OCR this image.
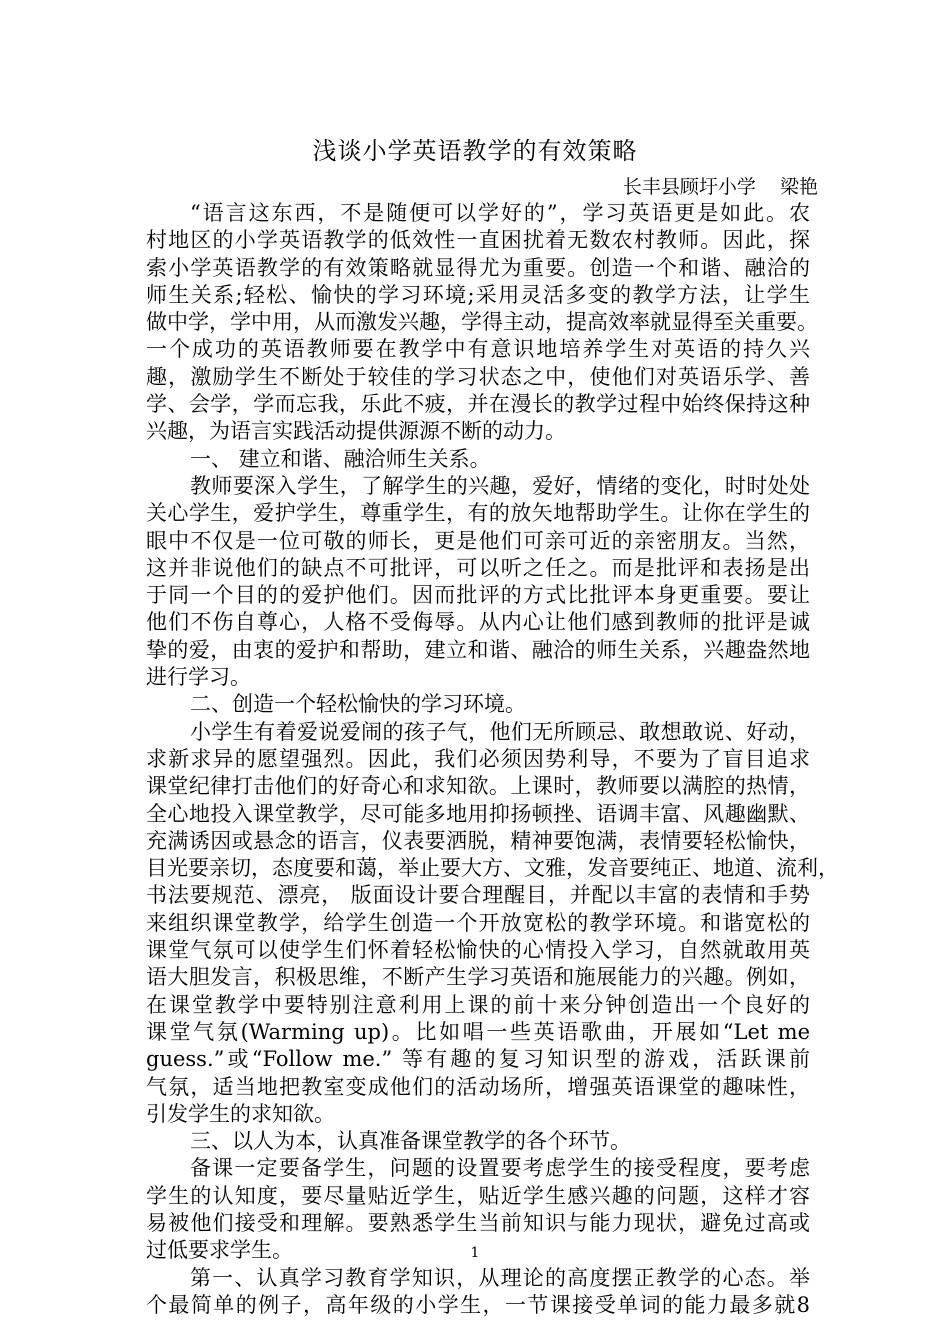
浅谈小学英语教学的有效策略
长丰县顾圩小学    梁艳
“语言这东西，不是随便可以学好的”，学习英语更是如此。农
村地区的小学英语教学的低效性一直困扰着无数农村教师。因此，探
索小学英语教学的有效策略就显得尤为重要。创造一个和谐、融洽的
师生关系;轻松、愉快的学习环境;采用灵活多变的教学方法，让学生
做中学，学中用，从而激发兴趣，学得主动，提高效率就显得至关重要。
一个成功的英语教师要在教学中有意识地培养学生对英语的持久兴
趣，激励学生不断处于较佳的学习状态之中，使他们对英语乐学、善
学、会学，学而忘我，乐此不疲，并在漫长的教学过程中始终保持这种
兴趣，为语言实践活动提供源源不断的动力。
一、 建立和谐、融洽师生关系。
教师要深入学生，了解学生的兴趣，爱好，情绪的变化，时时处处
关心学生，爱护学生，尊重学生，有的放矢地帮助学生。让你在学生的
眼中不仅是一位可敬的师长，更是他们可亲可近的亲密朋友。当然，
这并非说他们的缺点不可批评，可以听之任之。而是批评和表扬是出
于同一个目的的爱护他们。因而批评的方式比批评本身更重要。要让
他们不伤自尊心，人格不受侮辱。从内心让他们感到教师的批评是诚
挚的爱，由衷的爱护和帮助，建立和谐、融洽的师生关系，兴趣盎然地
进行学习。
二、创造一个轻松愉快的学习环境。
小学生有着爱说爱闹的孩子气，他们无所顾忌、敢想敢说、好动，
求新求异的愿望强烈。因此，我们必须因势利导，不要为了盲目追求
课堂纪律打击他们的好奇心和求知欲。上课时，教师要以满腔的热情，
全心地投入课堂教学，尽可能多地用抑扬顿挫、语调丰富、风趣幽默、
充满诱因或悬念的语言，仪表要洒脱，精神要饱满，表情要轻松愉快，
目光要亲切，态度要和蔼，举止要大方、文雅，发音要纯正、地道、流利，
书法要规范、漂亮， 版面设计要合理醒目，并配以丰富的表情和手势
来组织课堂教学，给学生创造一个开放宽松的教学环境。和谐宽松的
课堂气氛可以使学生们怀着轻松愉快的心情投入学习，自然就敢用英
语大胆发言，积极思维，不断产生学习英语和施展能力的兴趣。例如，
在课堂教学中要特别注意利用上课的前十来分钟创造出一个良好的
课堂气氛(Warming up)。比如唱一些英语歌曲，开展如“Let me
guess.”或“Follow me.” 等有趣的复习知识型的游戏，活跃课前
气氛，适当地把教室变成他们的活动场所，增强英语课堂的趣味性，
引发学生的求知欲。
三、以人为本，认真准备课堂教学的各个环节。
备课一定要备学生，问题的设置要考虑学生的接受程度，要考虑
学生的认知度，要尽量贴近学生，贴近学生感兴趣的问题，这样才容
易被他们接受和理解。要熟悉学生当前知识与能力现状，避免过高或
过低要求学生。
第一、认真学习教育学知识，从理论的高度摆正教学的心态。举
个最简单的例子，高年级的小学生，一节课接受单词的能力最多就8
1
